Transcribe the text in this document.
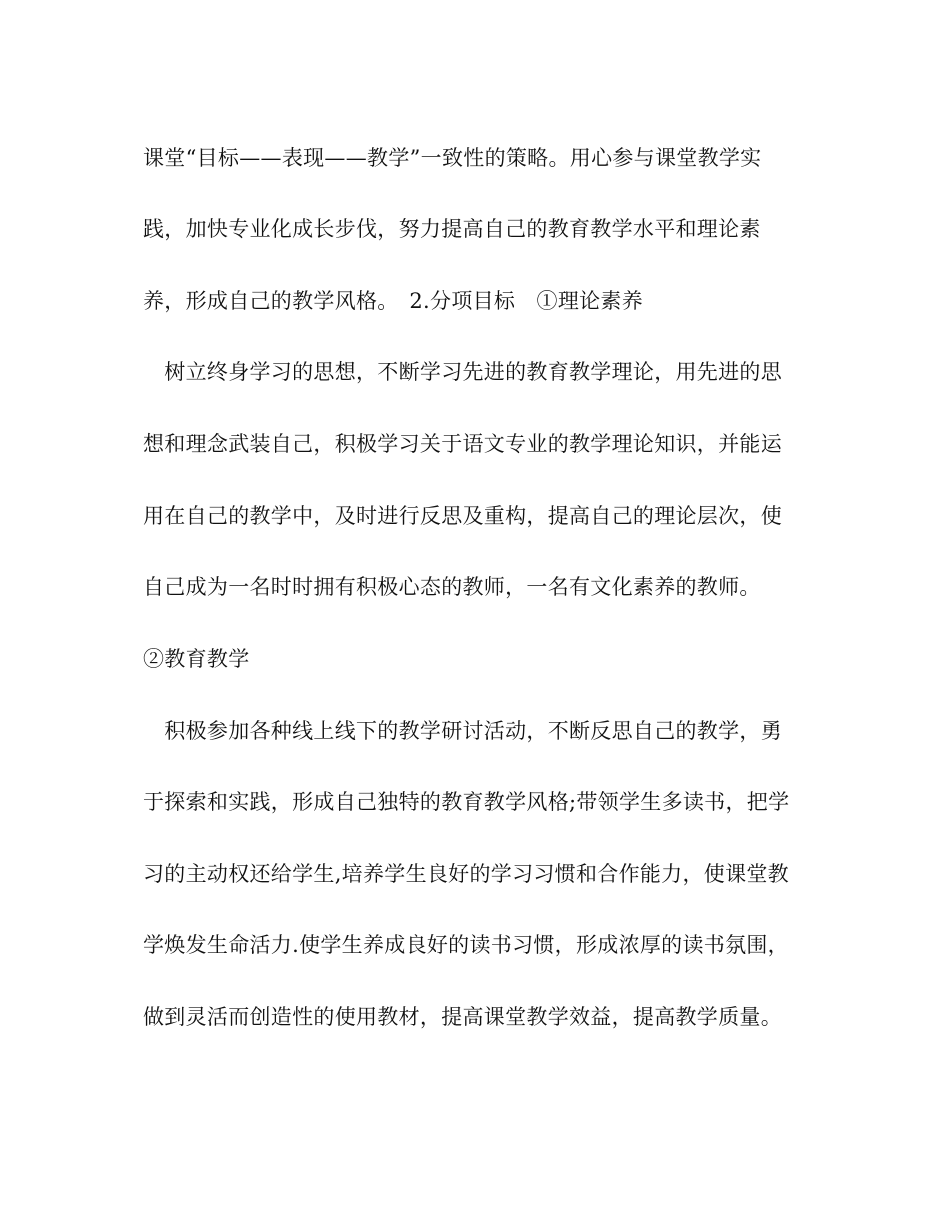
课堂“目标——表现——教学”一致性的策略。用心参与课堂教学实
践，加快专业化成长步伐，努力提高自己的教育教学水平和理论素
养，形成自己的教学风格。　2.分项目标　①理论素养
　树立终身学习的思想，不断学习先进的教育教学理论，用先进的思
想和理念武装自己，积极学习关于语文专业的教学理论知识，并能运
用在自己的教学中，及时进行反思及重构，提高自己的理论层次，使
自己成为一名时时拥有积极心态的教师，一名有文化素养的教师。
②教育教学
　积极参加各种线上线下的教学研讨活动，不断反思自己的教学，勇
于探索和实践，形成自己独特的教育教学风格;带领学生多读书，把学
习的主动权还给学生,培养学生良好的学习习惯和合作能力，使课堂教
学焕发生命活力.使学生养成良好的读书习惯，形成浓厚的读书氛围，
做到灵活而创造性的使用教材，提高课堂教学效益，提高教学质量。
